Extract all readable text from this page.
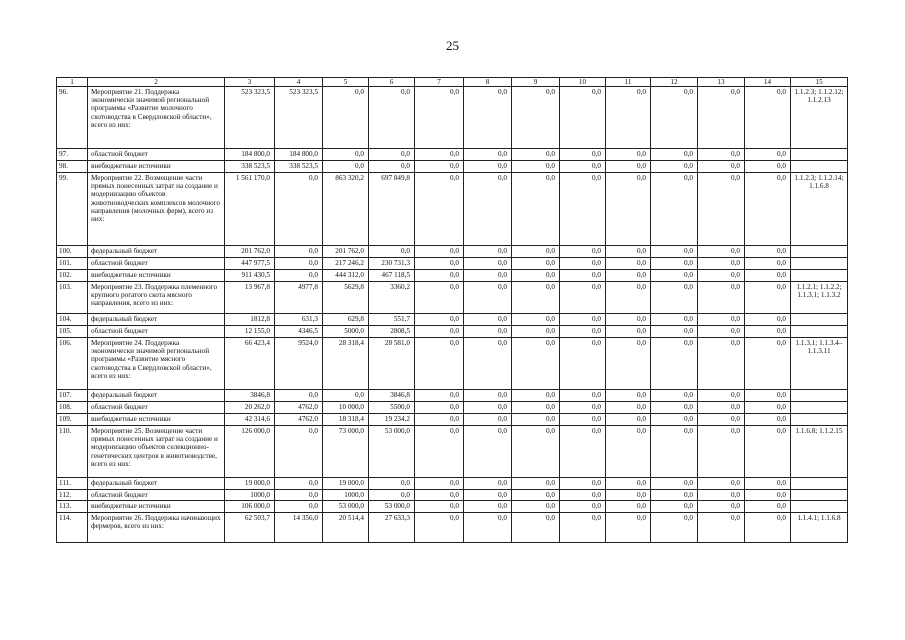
25
1	2	3	4	5	6	7	8	9	10	11	12	13	14	15
96.	Мероприятие 21. Поддержка экономически значимой региональной программы «Развитие молочного скотоводства в Свердловской области», всего из них:	523 323,5	523 323,5	0,0	0,0	0,0	0,0	0,0	0,0	0,0	0,0	0,0	0,0	1.1.2.3; 1.1.2.12; 1.1.2.13
97.	областной бюджет	184 800,0	184 800,0	0,0	0,0	0,0	0,0	0,0	0,0	0,0	0,0	0,0	0,0	
98.	внебюджетные источники	338 523,5	338 523,5	0,0	0,0	0,0	0,0	0,0	0,0	0,0	0,0	0,0	0,0	
99.	Мероприятие 22. Возмещение части прямых понесенных затрат на создание и модернизацию объектов животноводческих комплексов молочного направления (молочных ферм), всего из них:	1 561 170,0	0,0	863 320,2	697 849,8	0,0	0,0	0,0	0,0	0,0	0,0	0,0	0,0	1.1.2.3; 1.1.2.14; 1.1.6.8
100.	федеральный бюджет	201 762,0	0,0	201 762,0	0,0	0,0	0,0	0,0	0,0	0,0	0,0	0,0	0,0	
101.	областной бюджет	447 977,5	0,0	217 246,2	230 731,3	0,0	0,0	0,0	0,0	0,0	0,0	0,0	0,0	
102.	внебюджетные источники	911 430,5	0,0	444 312,0	467 118,5	0,0	0,0	0,0	0,0	0,0	0,0	0,0	0,0	
103.	Мероприятие 23. Поддержка племенного крупного рогатого скота мясного направления, всего из них:	13 967,8	4977,8	5629,8	3360,2	0,0	0,0	0,0	0,0	0,0	0,0	0,0	0,0	1.1.2.1; 1.1.2.2; 1.1.3.1; 1.1.3.2
104.	федеральный бюджет	1812,8	631,3	629,8	551,7	0,0	0,0	0,0	0,0	0,0	0,0	0,0	0,0	
105.	областной бюджет	12 155,0	4346,5	5000,0	2808,5	0,0	0,0	0,0	0,0	0,0	0,0	0,0	0,0	
106.	Мероприятие 24. Поддержка экономически значимой региональной программы «Развитие мясного скотоводства в Свердловской области», всего из них:	66 423,4	9524,0	28 318,4	28 581,0	0,0	0,0	0,0	0,0	0,0	0,0	0,0	0,0	1.1.3.1; 1.1.3.4– 1.1.3.11
107.	федеральный бюджет	3846,8	0,0	0,0	3846,8	0,0	0,0	0,0	0,0	0,0	0,0	0,0	0,0	
108.	областной бюджет	20 262,0	4762,0	10 000,0	5500,0	0,0	0,0	0,0	0,0	0,0	0,0	0,0	0,0	
109.	внебюджетные источники	42 314,6	4762,0	18 318,4	19 234,2	0,0	0,0	0,0	0,0	0,0	0,0	0,0	0,0	
110.	Мероприятие 25. Возмещение части прямых понесенных затрат на создание и модернизацию объектов селекционно-генетических центров в животноводстве, всего из них:	126 000,0	0,0	73 000,0	53 000,0	0,0	0,0	0,0	0,0	0,0	0,0	0,0	0,0	1.1.6.8; 1.1.2.15
111.	федеральный бюджет	19 000,0	0,0	19 000,0	0,0	0,0	0,0	0,0	0,0	0,0	0,0	0,0	0,0	
112.	областной бюджет	1000,0	0,0	1000,0	0,0	0,0	0,0	0,0	0,0	0,0	0,0	0,0	0,0	
113.	внебюджетные источники	106 000,0	0,0	53 000,0	53 000,0	0,0	0,0	0,0	0,0	0,0	0,0	0,0	0,0	
114.	Мероприятие 26. Поддержка начинающих фермеров, всего из них:	62 503,7	14 356,0	20 514,4	27 633,3	0,0	0,0	0,0	0,0	0,0	0,0	0,0	0,0	1.1.4.1; 1.1.6.8
